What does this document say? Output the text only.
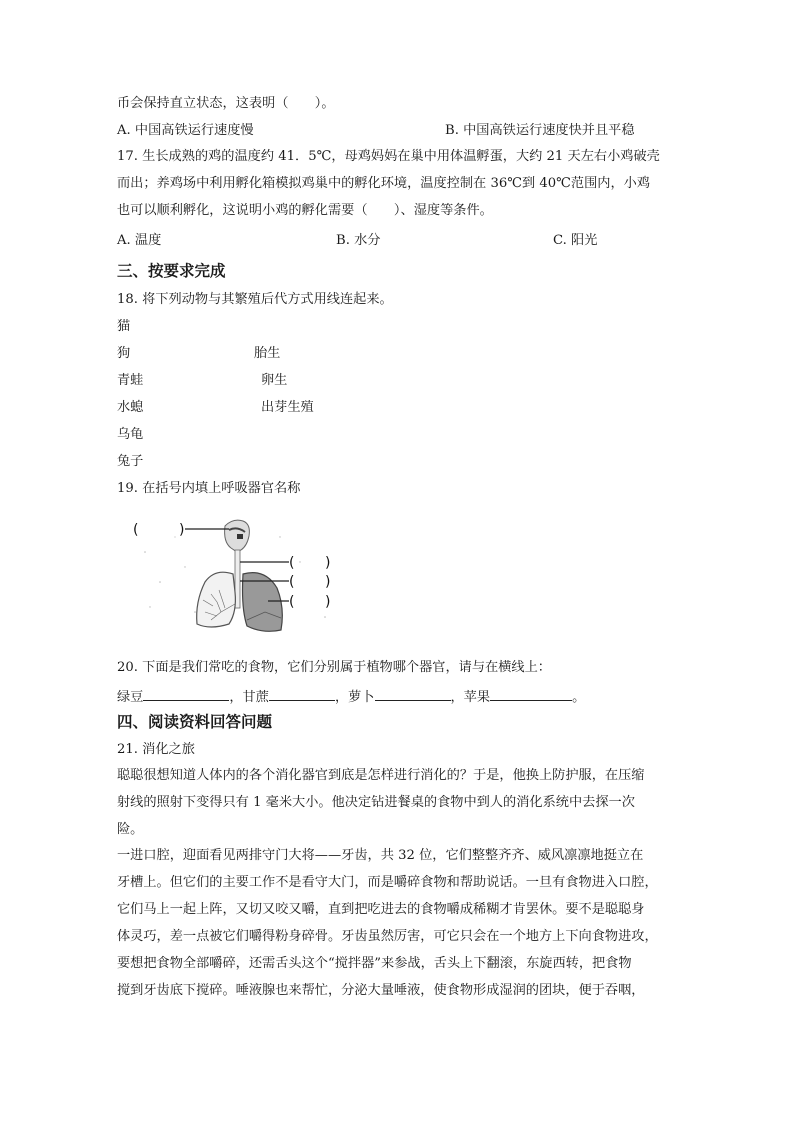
币会保持直立状态，这表明（　　）。
A. 中国高铁运行速度慢	B. 中国高铁运行速度快并且平稳
17. 生长成熟的鸡的温度约 41．5℃，母鸡妈妈在巢中用体温孵蛋，大约 21 天左右小鸡破壳
而出；养鸡场中利用孵化箱模拟鸡巢中的孵化环境，温度控制在 36℃到 40℃范围内，小鸡
也可以顺利孵化，这说明小鸡的孵化需要（　　）、湿度等条件。
A. 温度	B. 水分	C. 阳光
三、按要求完成
18. 将下列动物与其繁殖后代方式用线连起来。
猫
狗	胎生
青蛙	卵生
水螅	出芽生殖
乌龟
兔子
19. 在括号内填上呼吸器官名称
(	)
( )
( )
( )
20. 下面是我们常吃的食物，它们分别属于植物哪个器官，请与在横线上：
绿豆	，甘蔗	，萝卜	，苹果	。
四、阅读资料回答问题
21. 消化之旅
聪聪很想知道人体内的各个消化器官到底是怎样进行消化的？于是，他换上防护服，在压缩
射线的照射下变得只有 1 毫米大小。他决定钻进餐桌的食物中到人的消化系统中去探一次
险。
一进口腔，迎面看见两排守门大将——牙齿，共 32 位，它们整整齐齐、威风凛凛地挺立在
牙槽上。但它们的主要工作不是看守大门，而是嚼碎食物和帮助说话。一旦有食物进入口腔，
它们马上一起上阵，又切又咬又嚼，直到把吃进去的食物嚼成稀糊才肯罢休。要不是聪聪身
体灵巧，差一点被它们嚼得粉身碎骨。牙齿虽然厉害，可它只会在一个地方上下向食物进攻，
要想把食物全部嚼碎，还需舌头这个“搅拌器”来参战，舌头上下翻滚，东旋西转，把食物
搅到牙齿底下搅碎。唾液腺也来帮忙，分泌大量唾液，使食物形成湿润的团块，便于吞咽，
